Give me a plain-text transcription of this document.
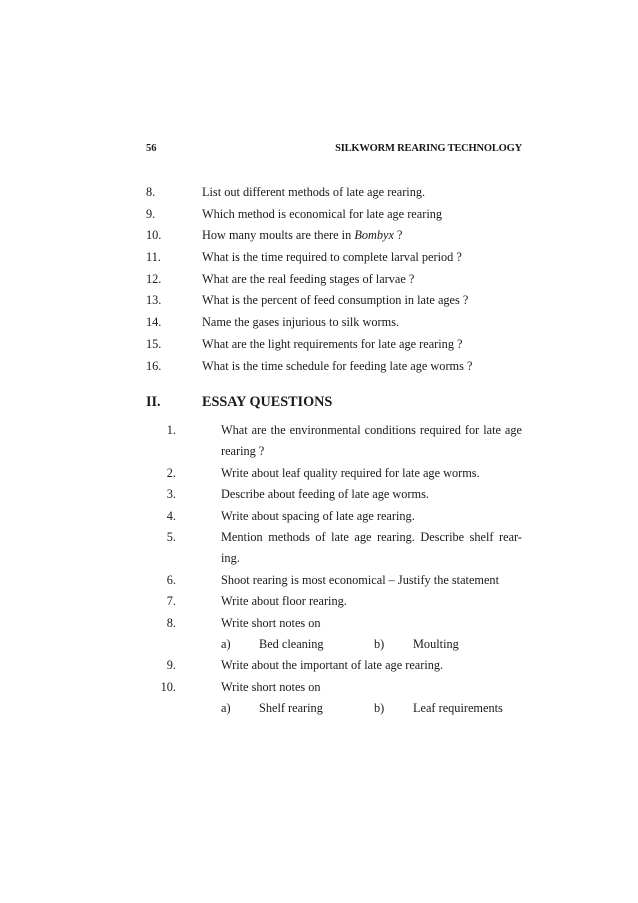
56	SILKWORM REARING TECHNOLOGY
8.	List out different methods of late age rearing.
9.	Which method is economical for late age rearing
10.	How many moults are there in Bombyx ?
11.	What is the time required to complete larval period ?
12.	What are the real feeding stages of larvae ?
13.	What is the percent of feed consumption in late ages ?
14.	Name the gases injurious to silk worms.
15.	What are the light requirements for late age rearing ?
16.	What is the time schedule for feeding late age worms ?
II.	ESSAY QUESTIONS
1.	What are the environmental conditions required for late age
rearing ?
2.	Write about leaf quality required for late age worms.
3.	Describe about feeding of late age worms.
4.	Write about spacing of late age rearing.
5.	Mention methods of late age rearing. Describe shelf rear-
ing.
6.	Shoot rearing is most economical – Justify the statement
7.	Write about floor rearing.
8.	Write short notes on
a) Bed cleaning	b) Moulting
9.	Write about the important of late age rearing.
10.	Write short notes on
a) Shelf rearing	b) Leaf requirements
